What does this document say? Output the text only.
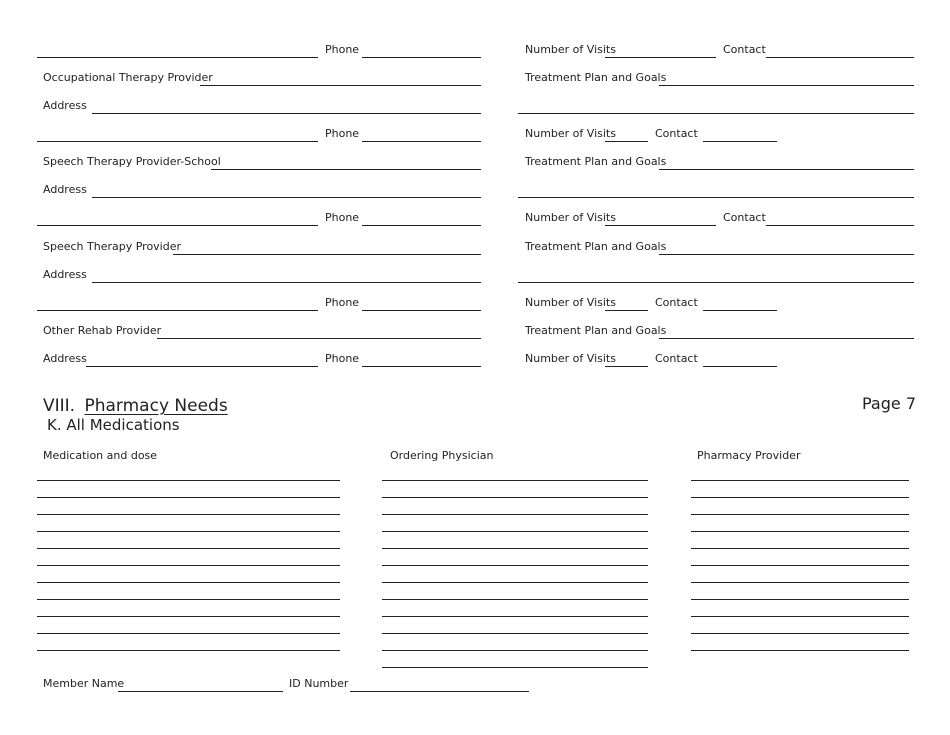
Phone	Number of Visits	Contact
Occupational Therapy Provider	Treatment Plan and Goals
Address
Phone	Number of Visits	Contact
Speech Therapy Provider-School	Treatment Plan and Goals
Address
Phone	Number of Visits	Contact
Speech Therapy Provider	Treatment Plan and Goals
Address
Phone	Number of Visits	Contact
Other Rehab Provider	Treatment Plan and Goals
Address	Phone	Number of Visits	Contact
VIII. Pharmacy Needs	Page 7
K. All Medications
Medication and dose	Ordering Physician	Pharmacy Provider
Member Name	ID Number
